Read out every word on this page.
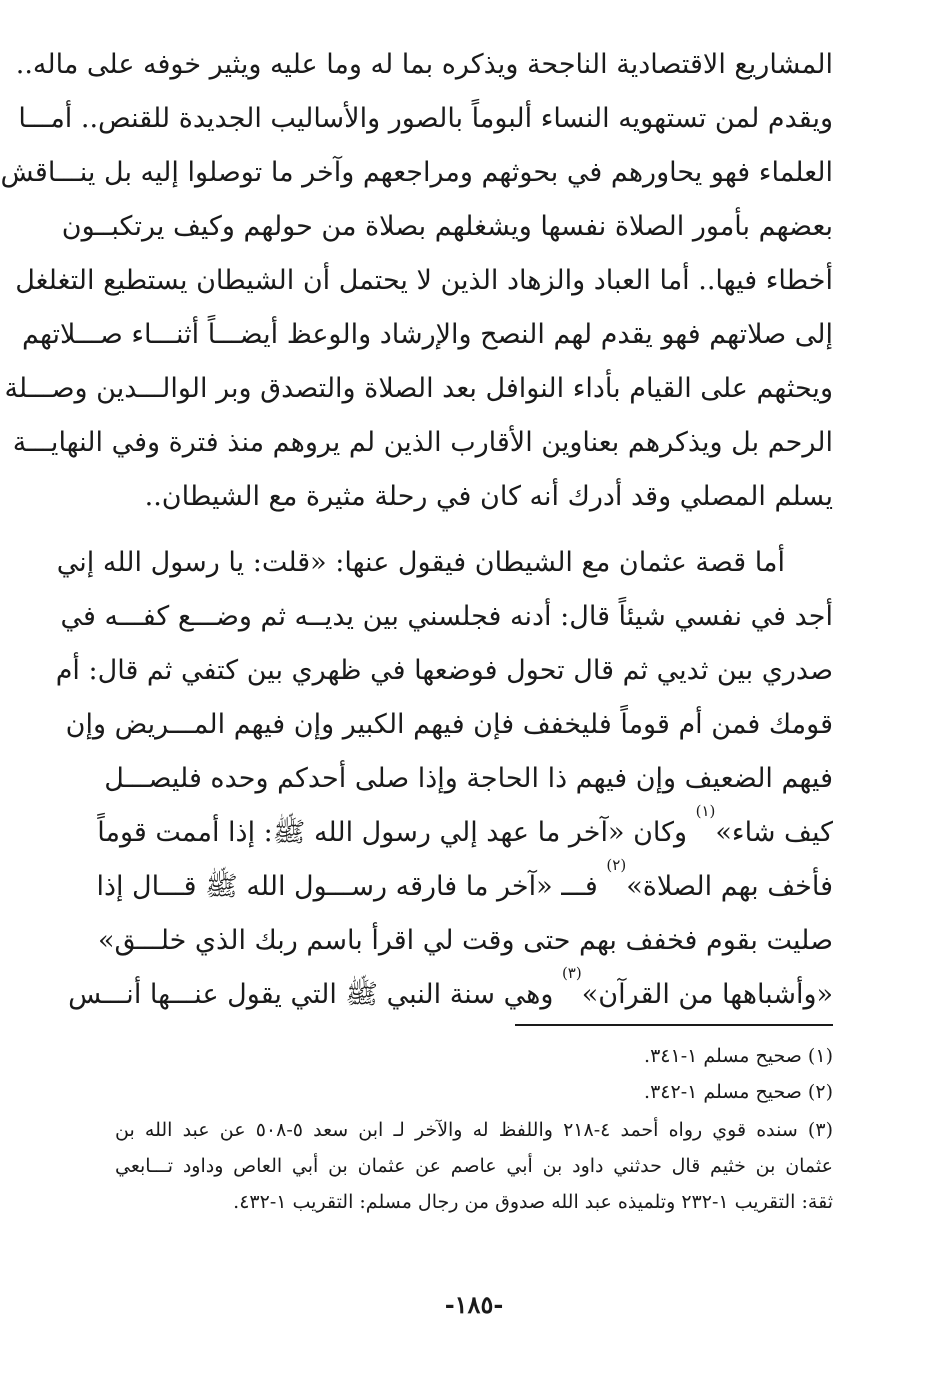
المشاريع الاقتصادية الناجحة ويذكره بما له وما عليه ويثير خوفه على ماله..
ويقدم لمن تستهويه النساء ألبوماً بالصور والأساليب الجديدة للقنص.. أمـــا
العلماء فهو يحاورهم في بحوثهم ومراجعهم وآخر ما توصلوا إليه بل ينـــاقش
بعضهم بأمور الصلاة نفسها ويشغلهم بصلاة من حولهم وكيف يرتكبــون
أخطاء فيها.. أما العباد والزهاد الذين لا يحتمل أن الشيطان يستطيع التغلغل
إلى صلاتهم فهو يقدم لهم النصح والإرشاد والوعظ أيضـــاً أثنـــاء صـــلاتهم
ويحثهم على القيام بأداء النوافل بعد الصلاة والتصدق وبر الوالـــدين وصـــلة
الرحم بل ويذكرهم بعناوين الأقارب الذين لم يروهم منذ فترة وفي النهايـــة
يسلم المصلي وقد أدرك أنه كان في رحلة مثيرة مع الشيطان..
أما قصة عثمان مع الشيطان فيقول عنها: «قلت: يا رسول الله إني
أجد في نفسي شيئاً قال: أدنه فجلسني بين يديــه ثم وضـــع كفـــه في
صدري بين ثديي ثم قال تحول فوضعها في ظهري بين كتفي ثم قال: أم
قومك فمن أم قوماً فليخفف فإن فيهم الكبير وإن فيهم المـــريض وإن
فيهم الضعيف وإن فيهم ذا الحاجة وإذا صلى أحدكم وحده فليصـــل
كيف شاء»$^{(١)}$ وكان «آخر ما عهد إلي رسول الله ﷺ: إذا أممت قوماً
فأخف بهم الصلاة»$^{(٢)}$ فـــ «آخر ما فارقه رســـول الله ﷺ قـــال إذا
صليت بقوم فخفف بهم حتى وقت لي اقرأ باسم ربك الذي خلـــق»
«وأشباهها من القرآن»$^{(٣)}$ وهي سنة النبي ﷺ التي يقول عنـــها أنـــس
(١) صحيح مسلم ١-٣٤١.
(٢) صحيح مسلم ١-٣٤٢.
(٣) سنده قوي رواه أحمد ٤-٢١٨ واللفظ له والآخر لـ ابن سعد ٥-٥٠٨ عن عبد الله بن
عثمان بن خثيم قال حدثني داود بن أبي عاصم عن عثمان بن أبي العاص وداود تـــابعي
ثقة: التقريب ١-٢٣٢ وتلميذه عبد الله صدوق من رجال مسلم: التقريب ١-٤٣٢.
-١٨٥-
